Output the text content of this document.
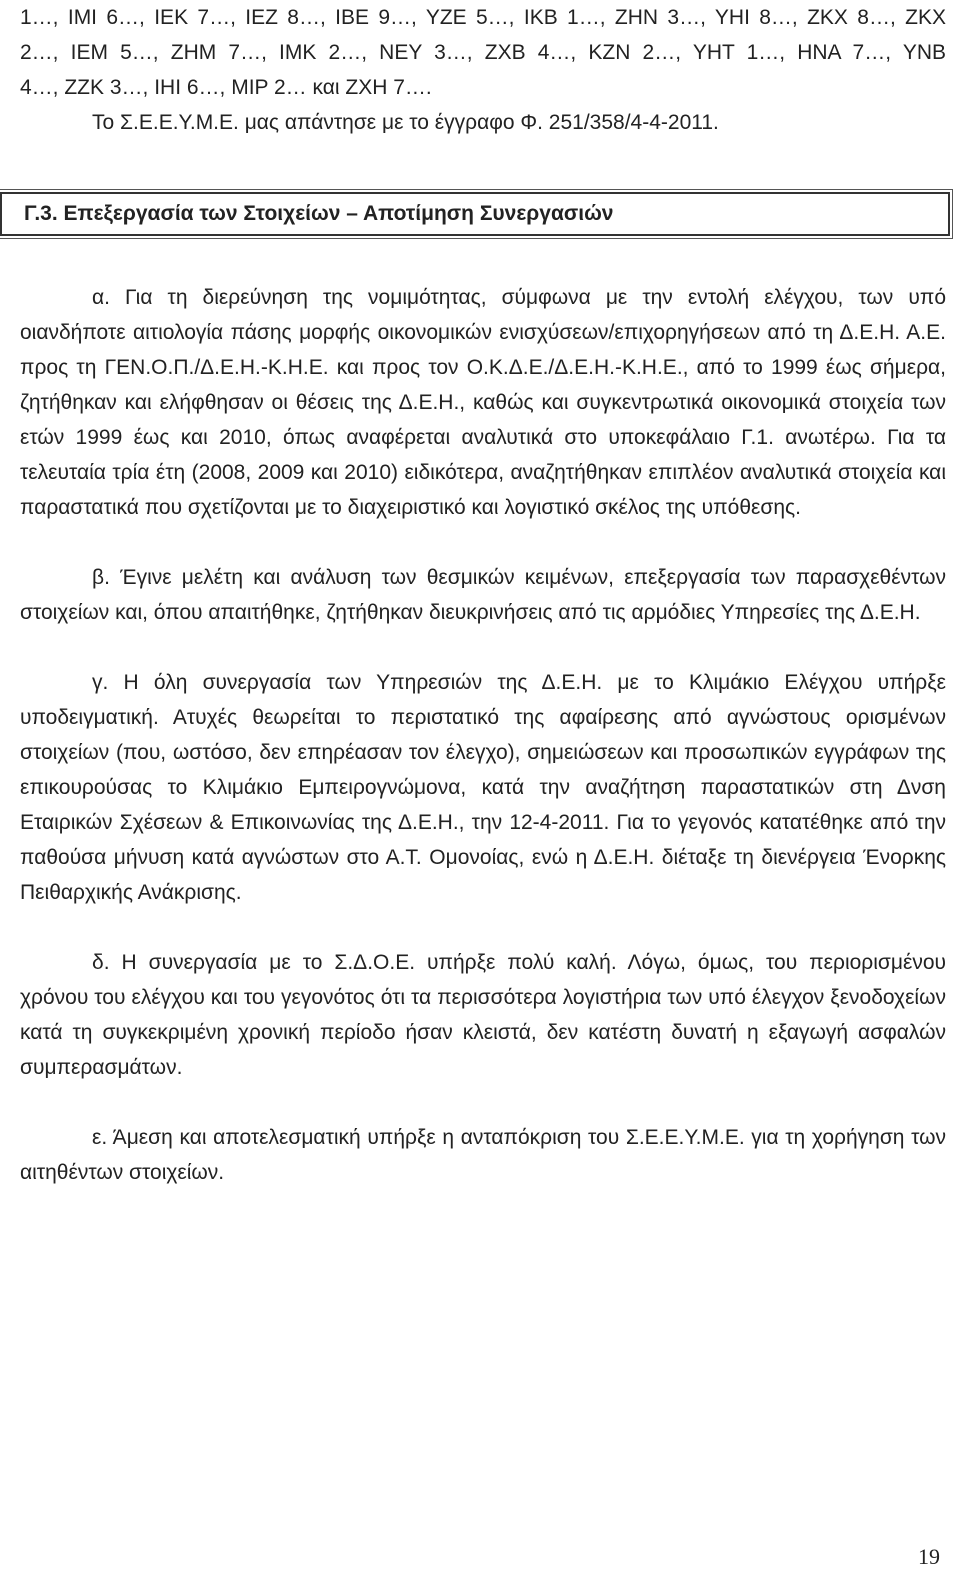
1…, ΙΜΙ 6…, ΙΕΚ 7…, ΙΕΖ 8…, ΙΒΕ 9…, ΥΖΕ 5…, ΙΚΒ 1…, ΖΗΝ 3…, ΥΗΙ 8…, ΖΚΧ 8…, ΖΚΧ
2…, ΙΕΜ 5…, ΖΗΜ 7…, ΙΜΚ 2…, ΝΕΥ 3…, ΖΧΒ 4…, ΚΖΝ 2…, ΥΗΤ 1…, ΗΝΑ 7…, ΥΝΒ
4…, ΖΖΚ 3…, ΙΗΙ 6…, ΜΙΡ 2… και ΖΧΗ 7….

Το Σ.Ε.Ε.Υ.Μ.Ε. μας απάντησε με το έγγραφο Φ. 251/358/4-4-2011.

Γ.3. Επεξεργασία των Στοιχείων – Αποτίμηση Συνεργασιών

α. Για τη διερεύνηση της νομιμότητας, σύμφωνα με την εντολή ελέγχου, των υπό οιανδήποτε αιτιολογία πάσης μορφής οικονομικών ενισχύσεων/επιχορηγήσεων από τη Δ.Ε.Η. Α.Ε. προς τη ΓΕΝ.Ο.Π./Δ.Ε.Η.-Κ.Η.Ε. και προς τον Ο.Κ.Δ.Ε./Δ.Ε.Η.-Κ.Η.Ε., από το 1999 έως σήμερα, ζητήθηκαν και ελήφθησαν οι θέσεις της Δ.Ε.Η., καθώς και συγκεντρωτικά οικονομικά στοιχεία των ετών 1999 έως και 2010, όπως αναφέρεται αναλυτικά στο υποκεφάλαιο Γ.1. ανωτέρω. Για τα τελευταία τρία έτη (2008, 2009 και 2010) ειδικότερα, αναζητήθηκαν επιπλέον αναλυτικά στοιχεία και παραστατικά που σχετίζονται με το διαχειριστικό και λογιστικό σκέλος της υπόθεσης.

β. Έγινε μελέτη και ανάλυση των θεσμικών κειμένων, επεξεργασία των παρασχεθέντων στοιχείων και, όπου απαιτήθηκε, ζητήθηκαν διευκρινήσεις από τις αρμόδιες Υπηρεσίες της Δ.Ε.Η.

γ. Η όλη συνεργασία των Υπηρεσιών της Δ.Ε.Η. με το Κλιμάκιο Ελέγχου υπήρξε υποδειγματική. Ατυχές θεωρείται το περιστατικό της αφαίρεσης από αγνώστους ορισμένων στοιχείων (που, ωστόσο, δεν επηρέασαν τον έλεγχο), σημειώσεων και προσωπικών εγγράφων της επικουρούσας το Κλιμάκιο Εμπειρογνώμονα, κατά την αναζήτηση παραστατικών στη Δνση Εταιρικών Σχέσεων & Επικοινωνίας της Δ.Ε.Η., την 12-4-2011. Για το γεγονός κατατέθηκε από την παθούσα μήνυση κατά αγνώστων στο Α.Τ. Ομονοίας, ενώ η Δ.Ε.Η. διέταξε τη διενέργεια Ένορκης Πειθαρχικής Ανάκρισης.

δ. Η συνεργασία με το Σ.Δ.Ο.Ε. υπήρξε πολύ καλή. Λόγω, όμως, του περιορισμένου χρόνου του ελέγχου και του γεγονότος ότι τα περισσότερα λογιστήρια των υπό έλεγχον ξενοδοχείων κατά τη συγκεκριμένη χρονική περίοδο ήσαν κλειστά, δεν κατέστη δυνατή η εξαγωγή ασφαλών συμπερασμάτων.

ε. Άμεση και αποτελεσματική υπήρξε η ανταπόκριση του Σ.Ε.Ε.Υ.Μ.Ε. για τη χορήγηση των αιτηθέντων στοιχείων.

19
